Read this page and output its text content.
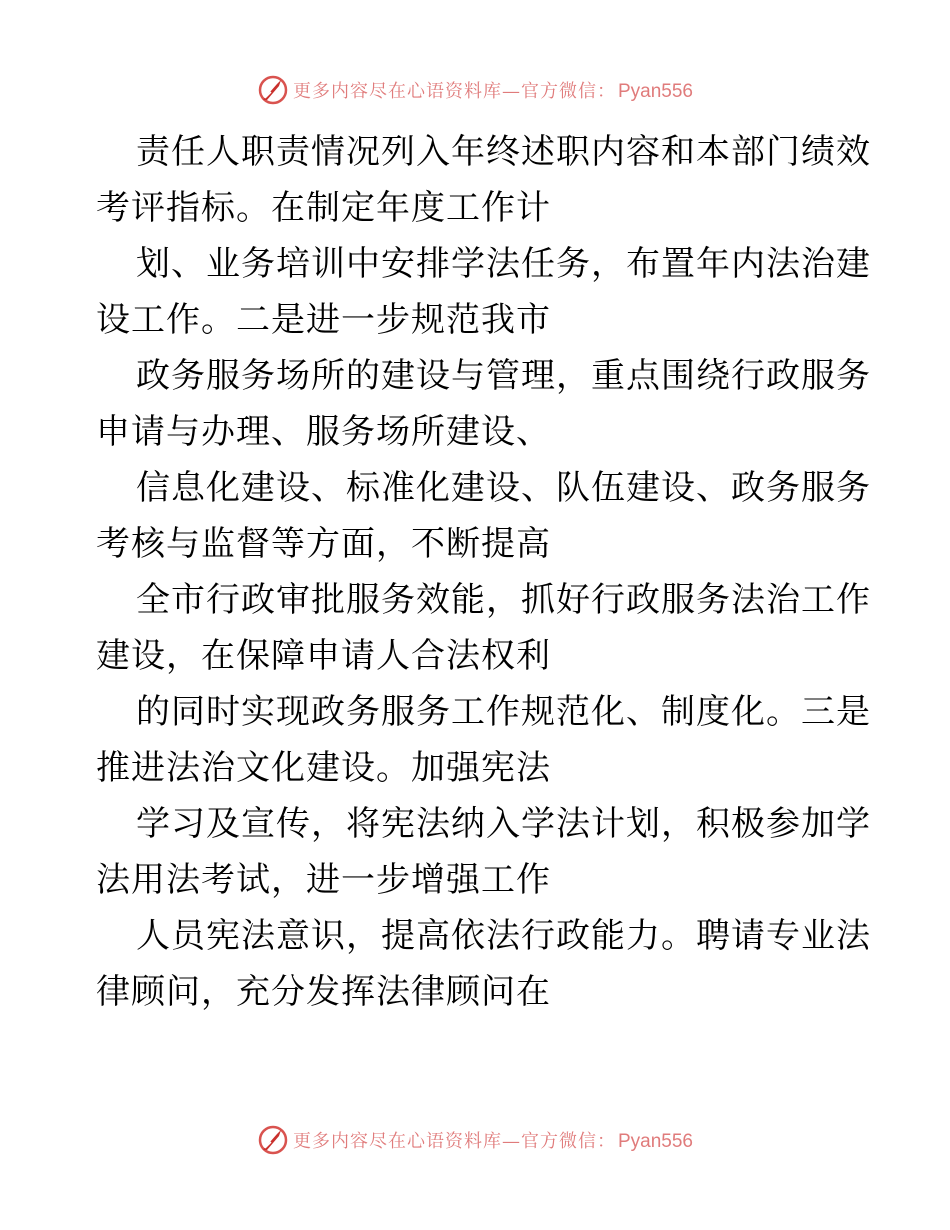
更多内容尽在心语资料库—官方微信： Pyan556

责任人职责情况列入年终述职内容和本部门绩效
考评指标。在制定年度工作计

划、业务培训中安排学法任务，布置年内法治建
设工作。二是进一步规范我市

政务服务场所的建设与管理，重点围绕行政服务
申请与办理、服务场所建设、

信息化建设、标准化建设、队伍建设、政务服务
考核与监督等方面，不断提高

全市行政审批服务效能，抓好行政服务法治工作
建设，在保障申请人合法权利

的同时实现政务服务工作规范化、制度化。三是
推进法治文化建设。加强宪法

学习及宣传，将宪法纳入学法计划，积极参加学
法用法考试，进一步增强工作

人员宪法意识，提高依法行政能力。聘请专业法
律顾问，充分发挥法律顾问在

更多内容尽在心语资料库—官方微信： Pyan556
